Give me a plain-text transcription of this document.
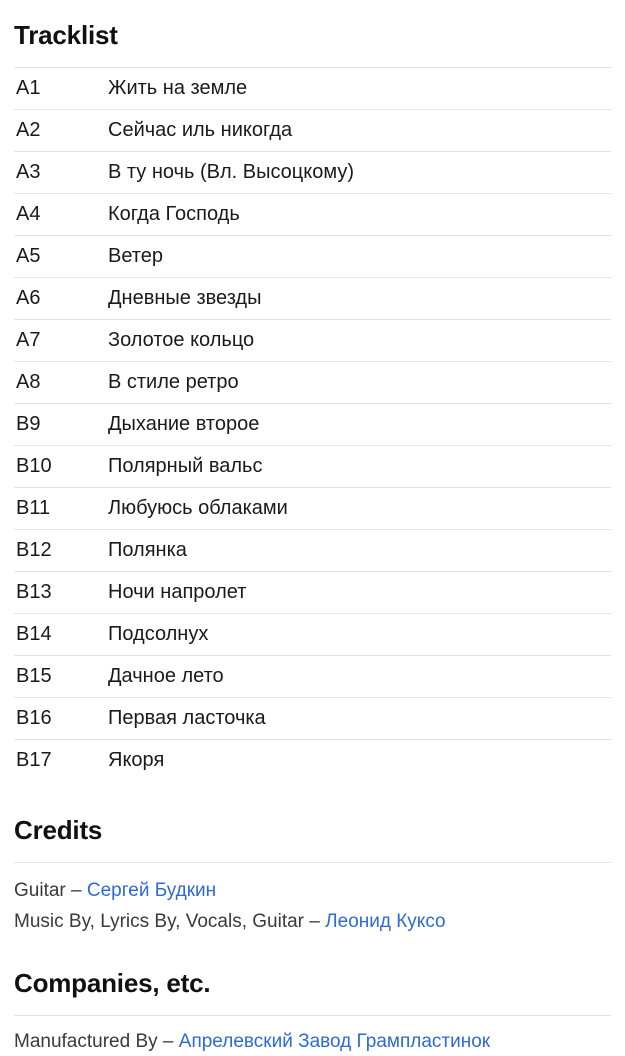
Tracklist
A1	Жить на земле
A2	Сейчас иль никогда
A3	В ту ночь (Вл. Высоцкому)
A4	Когда Господь
A5	Ветер
A6	Дневные звезды
A7	Золотое кольцо
A8	В стиле ретро
B9	Дыхание второе
B10	Полярный вальс
B11	Любуюсь облаками
B12	Полянка
B13	Ночи напролет
B14	Подсолнух
B15	Дачное лето
B16	Первая ласточка
B17	Якоря
Credits
Guitar – Сергей Будкин
Music By, Lyrics By, Vocals, Guitar – Леонид Куксо
Companies, etc.
Manufactured By – Апрелевский Завод Грампластинок
